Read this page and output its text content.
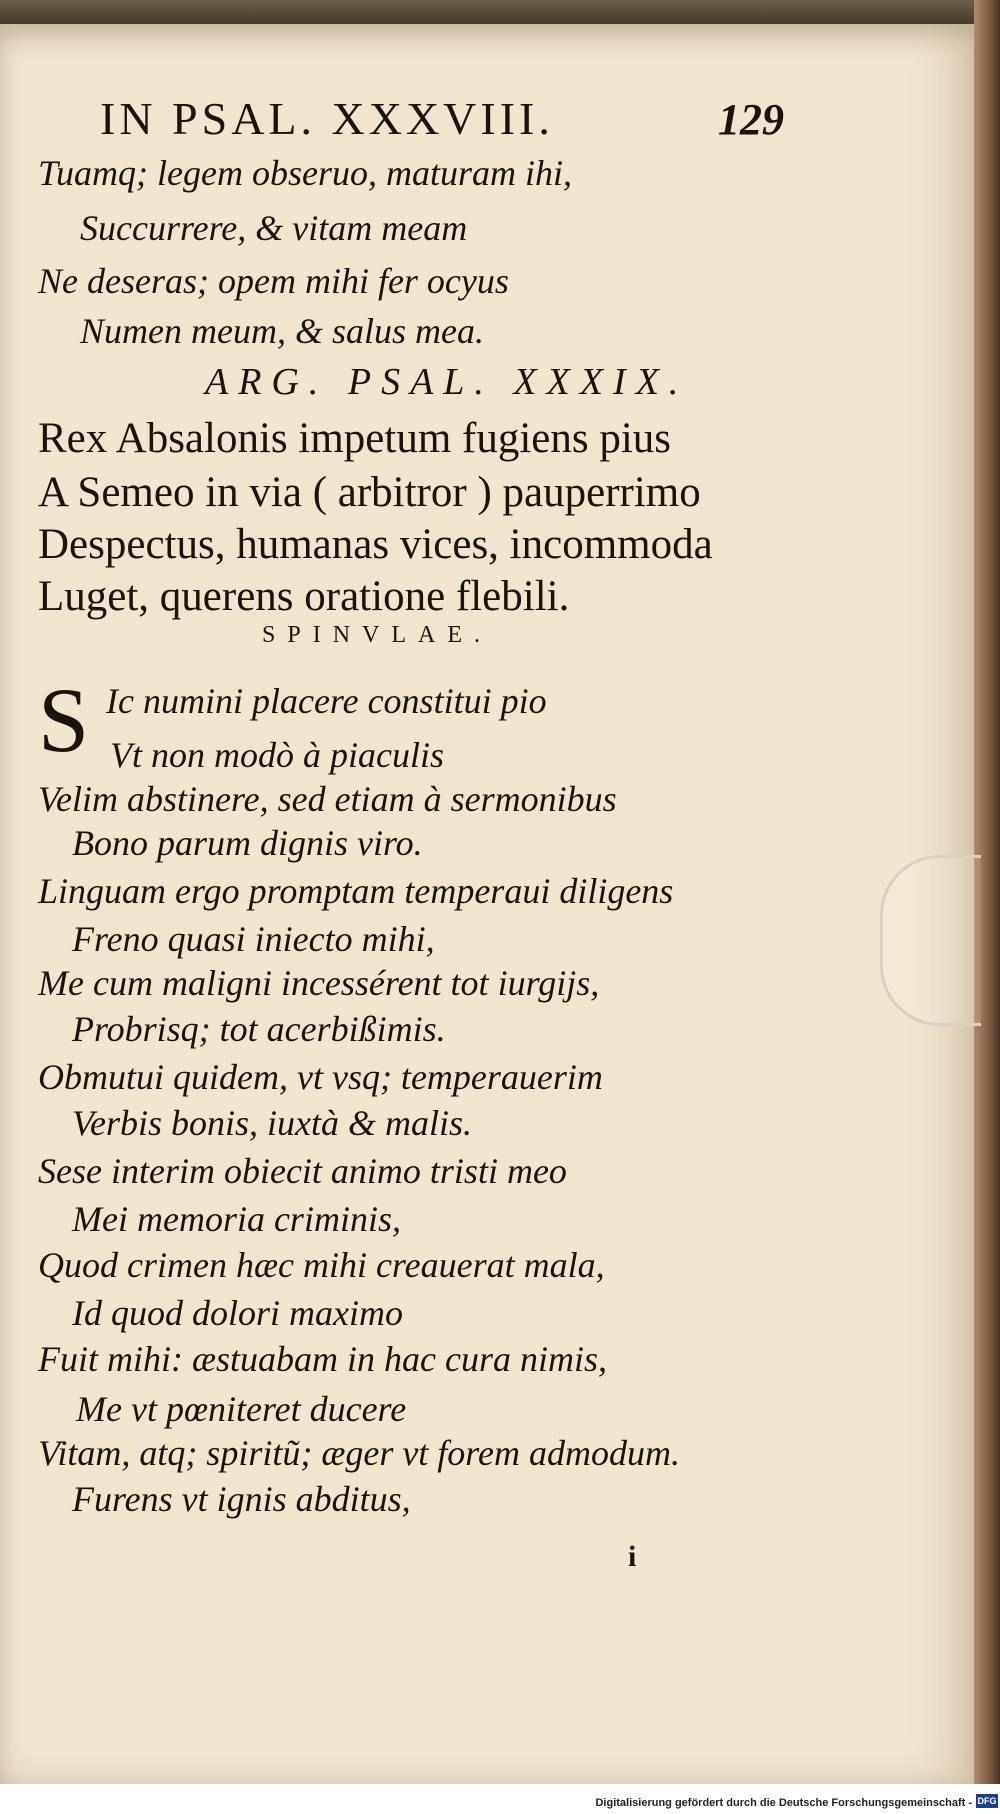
IN PSAL. XXXVIII.	129
Tuamq; legem obseruo, maturam ihi,
Succurrere, & vitam meam
Ne deseras; opem mihi fer ocyus
Numen meum, & salus mea.
ARG. PSAL. XXXIX.
Rex Absalonis impetum fugiens pius
A Semeo in via ( arbitror ) pauperrimo
Despectus, humanas vices, incommoda
Luget, querens oratione flebili.
SPINVLAE.
S Ic numini placere constitui pio
Vt non modò à piaculis
Velim abstinere, sed etiam à sermonibus
Bono parum dignis viro.
Linguam ergo promptam temperaui diligens
Freno quasi iniecto mihi,
Me cum maligni incessérent tot iurgijs,
Probrisq; tot acerbißimis.
Obmutui quidem, vt vsq; temperauerim
Verbis bonis, iuxtà & malis.
Sese interim obiecit animo tristi meo
Mei memoria criminis,
Quod crimen hæc mihi creauerat mala,
Id quod dolori maximo
Fuit mihi: æstuabam in hac cura nimis,
Me vt pœniteret ducere
Vitam, atq; spiritũ; æger vt forem admodum.
Furens vt ignis abditus,
i
Digitalisierung gefördert durch die Deutsche Forschungsgemeinschaft - DFG
